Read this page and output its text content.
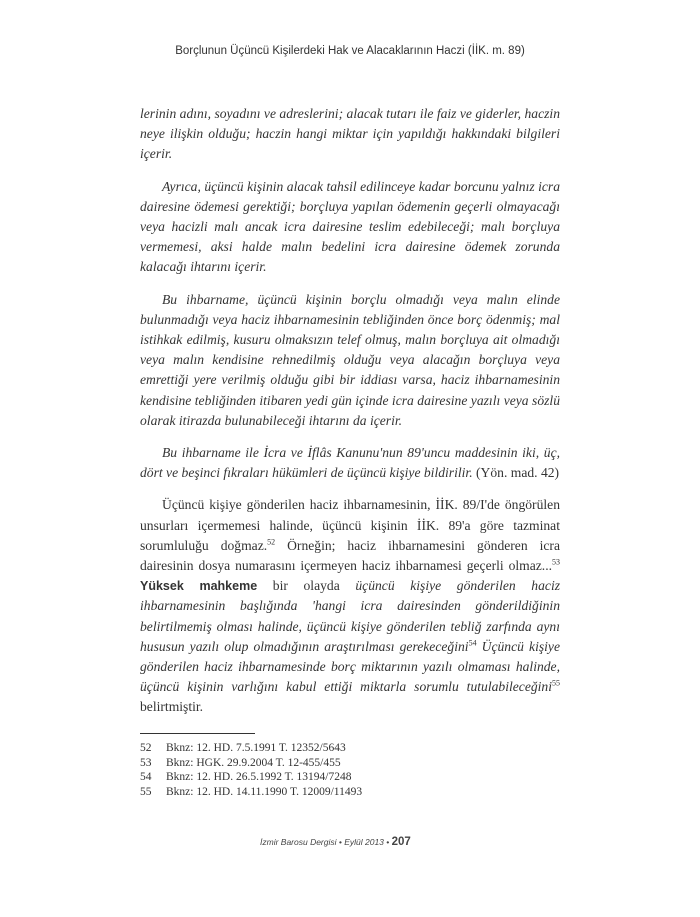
Borçlunun Üçüncü Kişilerdeki Hak ve Alacaklarının Haczi (İİK. m. 89)

lerinin adını, soyadını ve adreslerini; alacak tutarı ile faiz ve giderler, haczin neye ilişkin olduğu; haczin hangi miktar için yapıldığı hakkındaki bilgileri içerir.

Ayrıca, üçüncü kişinin alacak tahsil edilinceye kadar borcunu yalnız icra dairesine ödemesi gerektiği; borçluya yapılan ödemenin geçerli olmayacağı veya hacizli malı ancak icra dairesine teslim edebileceği; malı borçluya vermemesi, aksi halde malın bedelini icra dairesine ödemek zorunda kalacağı ihtarını içerir.

Bu ihbarname, üçüncü kişinin borçlu olmadığı veya malın elinde bulunmadığı veya haciz ihbarnamesinin tebliğinden önce borç ödenmiş; mal istihkak edilmiş, kusuru olmaksızın telef olmuş, malın borçluya ait olmadığı veya malın kendisine rehnedilmiş olduğu veya alacağın borçluya veya emrettiği yere verilmiş olduğu gibi bir iddiası varsa, haciz ihbarnamesinin kendisine tebliğinden itibaren yedi gün içinde icra dairesine yazılı veya sözlü olarak itirazda bulunabileceği ihtarını da içerir.

Bu ihbarname ile İcra ve İflâs Kanunu'nun 89'uncu maddesinin iki, üç, dört ve beşinci fıkraları hükümleri de üçüncü kişiye bildirilir. (Yön. mad. 42)

Üçüncü kişiye gönderilen haciz ihbarnamesinin, İİK. 89/I'de öngörülen unsurları içermemesi halinde, üçüncü kişinin İİK. 89'a göre tazminat sorumluluğu doğmaz.$^{52}$ Örneğin; haciz ihbarnamesini gönderen icra dairesinin dosya numarasını içermeyen haciz ihbarnamesi geçerli olmaz...$^{53}$ Yüksek mahkeme bir olayda üçüncü kişiye gönderilen haciz ihbarnamesinin başlığında 'hangi icra dairesinden gönderildiğinin belirtilmemiş olması halinde, üçüncü kişiye gönderilen tebliğ zarfında aynı hususun yazılı olup olmadığının araştırılması gerekeceğini$^{54}$ Üçüncü kişiye gönderilen haciz ihbarnamesinde borç miktarının yazılı olmaması halinde, üçüncü kişinin varlığını kabul ettiği miktarla sorumlu tutulabileceğini$^{55}$ belirtmiştir.

52	Bknz: 12. HD. 7.5.1991 T. 12352/5643
53	Bknz: HGK. 29.9.2004 T. 12-455/455
54	Bknz: 12. HD. 26.5.1992 T. 13194/7248
55	Bknz: 12. HD. 14.11.1990 T. 12009/11493
İzmir Barosu Dergisi • Eylül 2013 • 207
